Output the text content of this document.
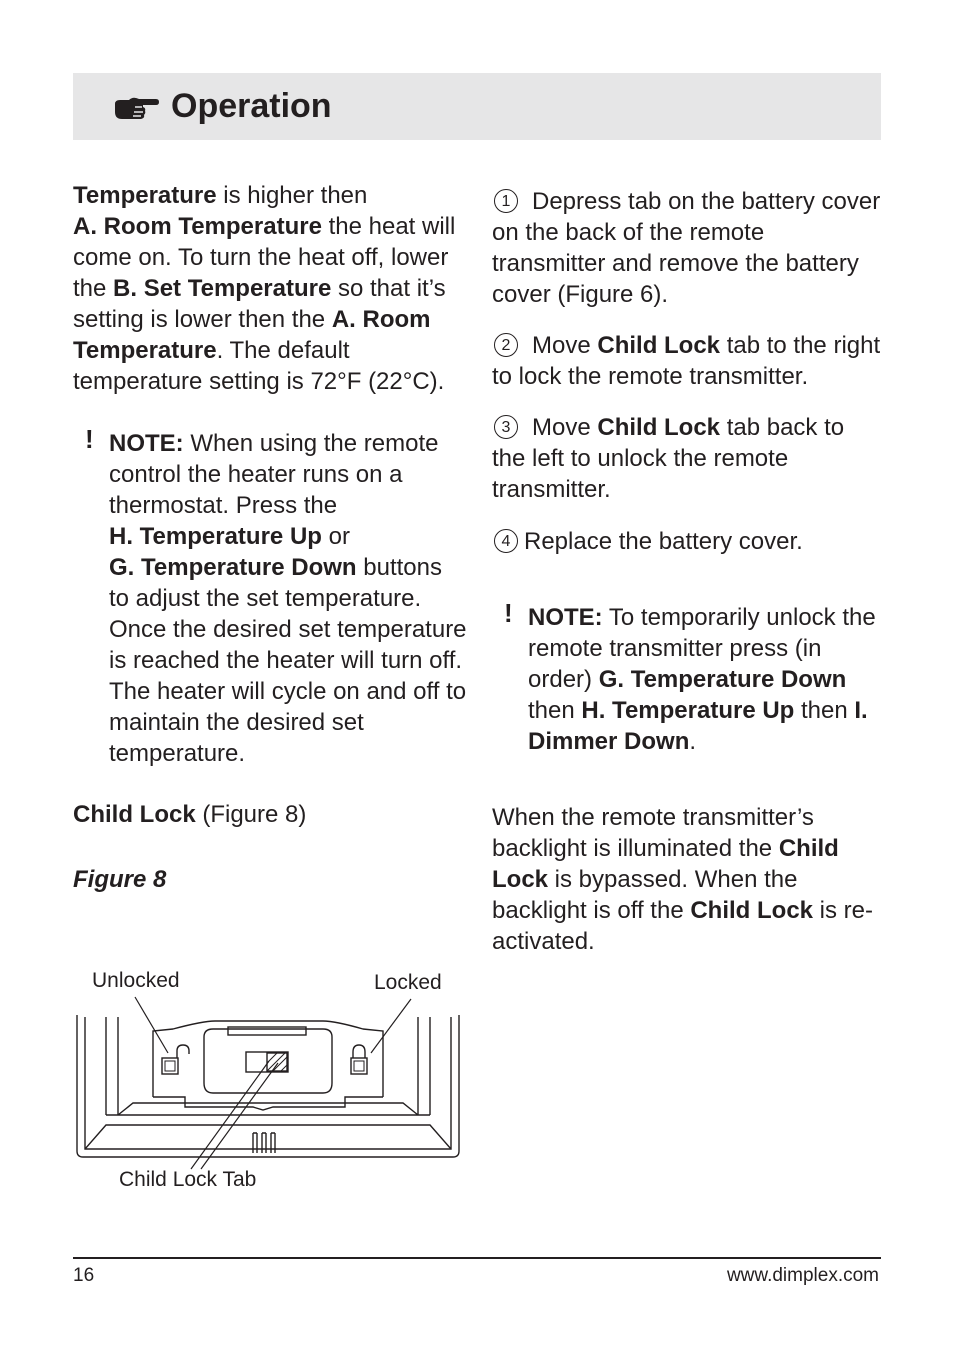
Operation

Temperature is higher then
A. Room Temperature the heat will come on. To turn the heat off, lower the B. Set Temperature so that it’s setting is lower then the A. Room Temperature. The default temperature setting is 72°F (22°C).

! NOTE: When using the remote control the heater runs on a thermostat. Press the
H. Temperature Up or
G. Temperature Down buttons to adjust the set temperature. Once the desired set temperature is reached the heater will turn off. The heater will cycle on and off to maintain the desired set temperature.

Child Lock (Figure 8)

Figure 8

Unlocked	Locked
Child Lock Tab

1 Depress tab on the battery cover on the back of the remote transmitter and remove the battery cover (Figure 6).

2 Move Child Lock tab to the right to lock the remote transmitter.

3 Move Child Lock tab back to the left to unlock the remote transmitter.

4 Replace the battery cover.

! NOTE: To temporarily unlock the remote transmitter press (in order) G. Temperature Down then H. Temperature Up then I. Dimmer Down.

When the remote transmitter’s backlight is illuminated the Child Lock is bypassed. When the backlight is off the Child Lock is re-activated.

16	www.dimplex.com
